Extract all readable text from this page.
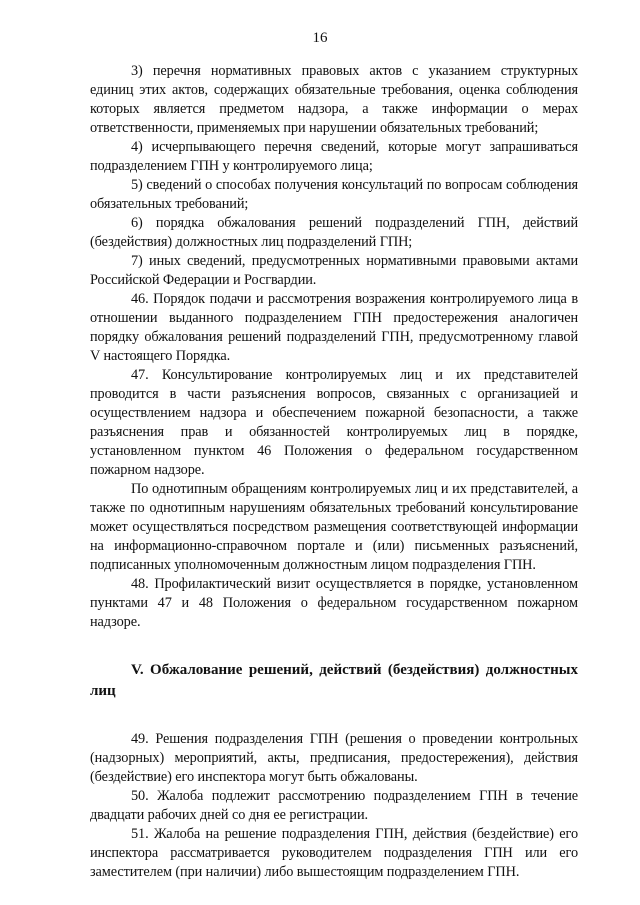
16

3) перечня нормативных правовых актов с указанием структурных единиц этих актов, содержащих обязательные требования, оценка соблюдения которых является предметом надзора, а также информации о мерах ответственности, применяемых при нарушении обязательных требований;

4) исчерпывающего перечня сведений, которые могут запрашиваться подразделением ГПН у контролируемого лица;

5) сведений о способах получения консультаций по вопросам соблюдения обязательных требований;

6) порядка обжалования решений подразделений ГПН, действий (бездействия) должностных лиц подразделений ГПН;

7) иных сведений, предусмотренных нормативными правовыми актами Российской Федерации и Росгвардии.

46. Порядок подачи и рассмотрения возражения контролируемого лица в отношении выданного подразделением ГПН предостережения аналогичен порядку обжалования решений подразделений ГПН, предусмотренному главой V настоящего Порядка.

47. Консультирование контролируемых лиц и их представителей проводится в части разъяснения вопросов, связанных с организацией и осуществлением надзора и обеспечением пожарной безопасности, а также разъяснения прав и обязанностей контролируемых лиц в порядке, установленном пунктом 46 Положения о федеральном государственном пожарном надзоре.

По однотипным обращениям контролируемых лиц и их представителей, а также по однотипным нарушениям обязательных требований консультирование может осуществляться посредством размещения соответствующей информации на информационно-справочном портале и (или) письменных разъяснений, подписанных уполномоченным должностным лицом подразделения ГПН.

48. Профилактический визит осуществляется в порядке, установленном пунктами 47 и 48 Положения о федеральном государственном пожарном надзоре.

V. Обжалование решений, действий (бездействия) должностных лиц

49. Решения подразделения ГПН (решения о проведении контрольных (надзорных) мероприятий, акты, предписания, предостережения), действия (бездействие) его инспектора могут быть обжалованы.

50. Жалоба подлежит рассмотрению подразделением ГПН в течение двадцати рабочих дней со дня ее регистрации.

51. Жалоба на решение подразделения ГПН, действия (бездействие) его инспектора рассматривается руководителем подразделения ГПН или его заместителем (при наличии) либо вышестоящим подразделением ГПН.
